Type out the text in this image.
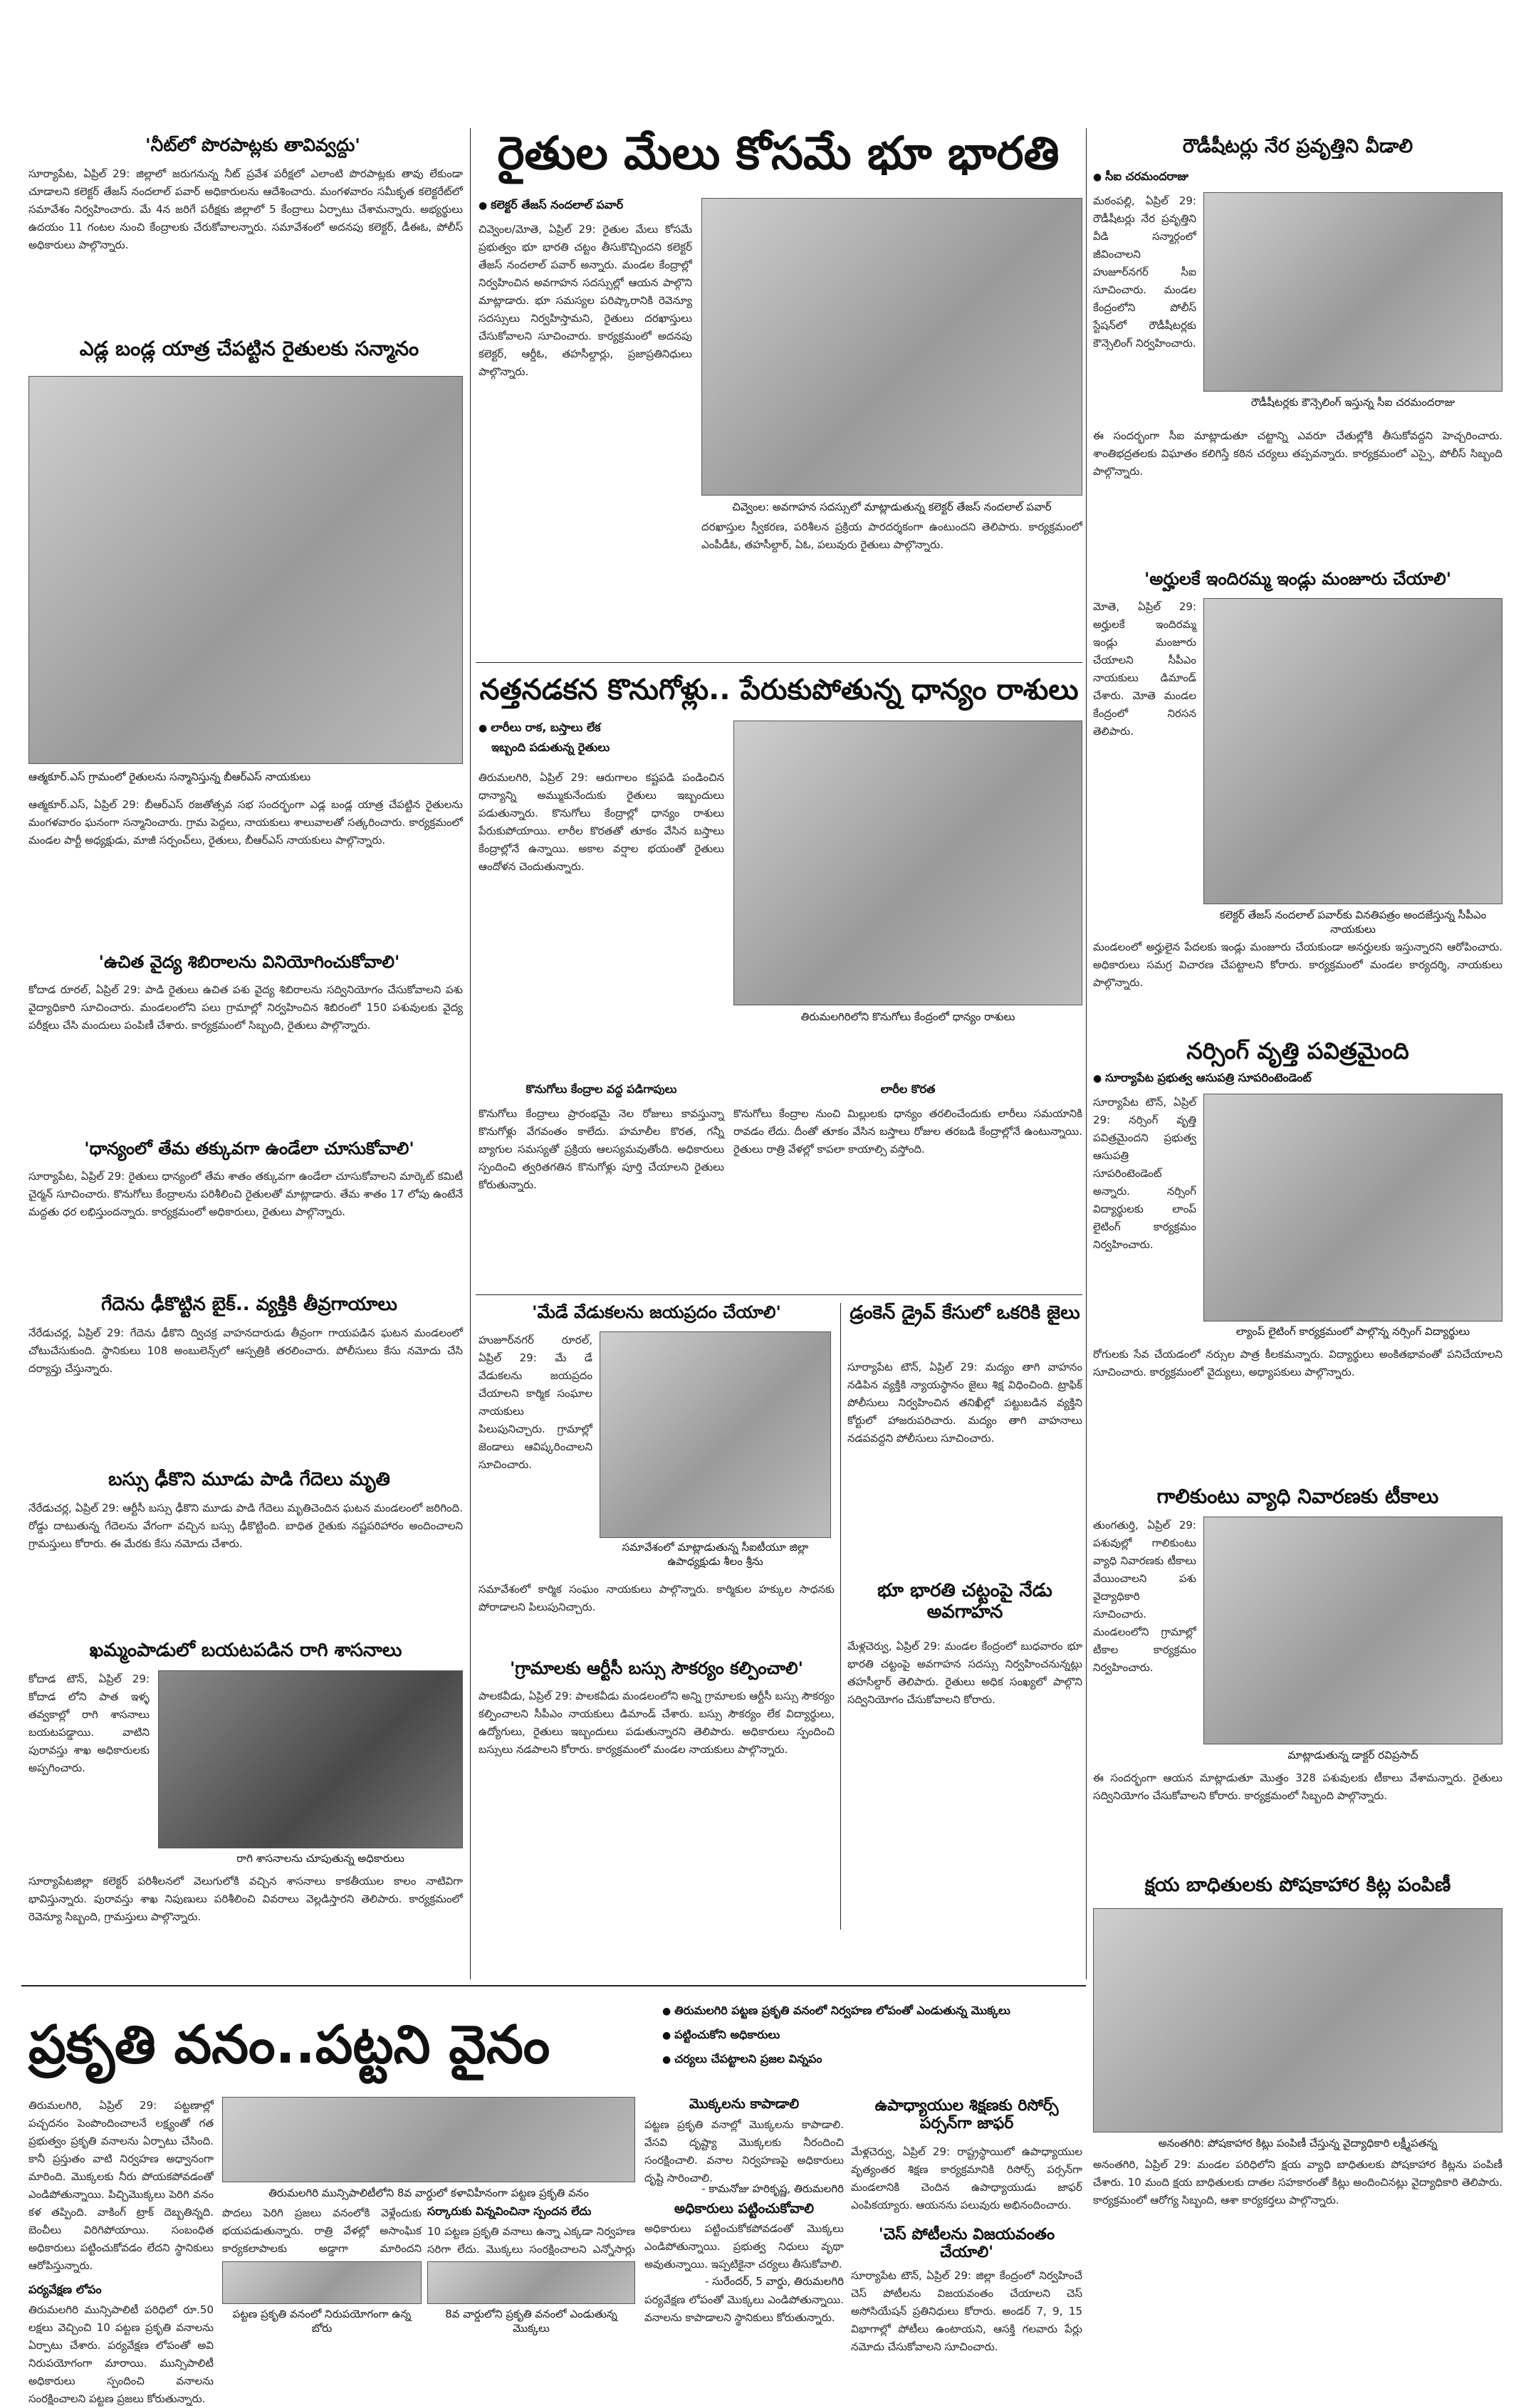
'నీట్‌లో పొరపాట్లకు తావివ్వద్దు'
సూర్యాపేట, ఏప్రిల్ 29: జిల్లాలో జరుగనున్న నీట్ ప్రవేశ పరీక్షలో ఎలాంటి పొరపాట్లకు తావు లేకుండా చూడాలని కలెక్టర్ తేజస్ నందలాల్ పవార్ అధికారులను ఆదేశించారు. మంగళవారం సమీకృత కలెక్టరేట్‌లో సమావేశం నిర్వహించారు. మే 4న జరిగే పరీక్షకు జిల్లాలో 5 కేంద్రాలు ఏర్పాటు చేశామన్నారు. అభ్యర్థులు ఉదయం 11 గంటల నుంచి కేంద్రాలకు చేరుకోవాలన్నారు. సమావేశంలో అదనపు కలెక్టర్, డీఈఓ, పోలీస్ అధికారులు పాల్గొన్నారు.
ఎడ్ల బండ్ల యాత్ర చేపట్టిన రైతులకు సన్మానం
ఆత్మకూర్.ఎస్ గ్రామంలో రైతులను సన్మానిస్తున్న బీఆర్ఎస్ నాయకులు
ఆత్మకూర్.ఎస్, ఏప్రిల్ 29: బీఆర్ఎస్ రజతోత్సవ సభ సందర్భంగా ఎడ్ల బండ్ల యాత్ర చేపట్టిన రైతులను మంగళవారం ఘనంగా సన్మానించారు. గ్రామ పెద్దలు, నాయకులు శాలువాలతో సత్కరించారు. కార్యక్రమంలో మండల పార్టీ అధ్యక్షుడు, మాజీ సర్పంచ్‌లు, రైతులు, బీఆర్ఎస్ నాయకులు పాల్గొన్నారు.
'ఉచిత వైద్య శిబిరాలను వినియోగించుకోవాలి'
కోదాడ రూరల్, ఏప్రిల్ 29: పాడి రైతులు ఉచిత పశు వైద్య శిబిరాలను సద్వినియోగం చేసుకోవాలని పశు వైద్యాధికారి సూచించారు. మండలంలోని పలు గ్రామాల్లో నిర్వహించిన శిబిరంలో 150 పశువులకు వైద్య పరీక్షలు చేసి మందులు పంపిణీ చేశారు. కార్యక్రమంలో సిబ్బంది, రైతులు పాల్గొన్నారు.
'ధాన్యంలో తేమ తక్కువగా ఉండేలా చూసుకోవాలి'
సూర్యాపేట, ఏప్రిల్ 29: రైతులు ధాన్యంలో తేమ శాతం తక్కువగా ఉండేలా చూసుకోవాలని మార్కెట్ కమిటీ చైర్మన్ సూచించారు. కొనుగోలు కేంద్రాలను పరిశీలించి రైతులతో మాట్లాడారు. తేమ శాతం 17 లోపు ఉంటేనే మద్దతు ధర లభిస్తుందన్నారు. కార్యక్రమంలో అధికారులు, రైతులు పాల్గొన్నారు.
గేదెను ఢీకొట్టిన బైక్.. వ్యక్తికి తీవ్రగాయాలు
నేరేడుచర్ల, ఏప్రిల్ 29: గేదెను ఢీకొని ద్విచక్ర వాహనదారుడు తీవ్రంగా గాయపడిన ఘటన మండలంలో చోటుచేసుకుంది. స్థానికులు 108 అంబులెన్స్‌లో ఆస్పత్రికి తరలించారు. పోలీసులు కేసు నమోదు చేసి దర్యాప్తు చేస్తున్నారు.
బస్సు ఢీకొని మూడు పాడి గేదెలు మృతి
నేరేడుచర్ల, ఏప్రిల్ 29: ఆర్టీసీ బస్సు ఢీకొని మూడు పాడి గేదెలు మృతిచెందిన ఘటన మండలంలో జరిగింది. రోడ్డు దాటుతున్న గేదెలను వేగంగా వచ్చిన బస్సు ఢీకొట్టింది. బాధిత రైతుకు నష్టపరిహారం అందించాలని గ్రామస్తులు కోరారు. ఈ మేరకు కేసు నమోదు చేశారు.
ఖమ్మంపాడులో బయటపడిన రాగి శాసనాలు
కోదాడ టౌన్, ఏప్రిల్ 29: కోదాడ లోని పాత ఇళ్ళ తవ్వకాల్లో రాగి శాసనాలు బయటపడ్డాయి. వాటిని పురావస్తు శాఖ అధికారులకు అప్పగించారు.
రాగి శాసనాలను చూపుతున్న అధికారులు
సూర్యాపేటజిల్లా కలెక్టర్ పరిశీలనలో వెలుగులోకి వచ్చిన శాసనాలు కాకతీయుల కాలం నాటివిగా భావిస్తున్నారు. పురావస్తు శాఖ నిపుణులు పరిశీలించి వివరాలు వెల్లడిస్తారని తెలిపారు. కార్యక్రమంలో రెవెన్యూ సిబ్బంది, గ్రామస్తులు పాల్గొన్నారు.
రైతుల మేలు కోసమే భూ భారతి
● కలెక్టర్ తేజస్ నందలాల్ పవార్
చివ్వెంల/మోతె, ఏప్రిల్ 29: రైతుల మేలు కోసమే ప్రభుత్వం భూ భారతి చట్టం తీసుకొచ్చిందని కలెక్టర్ తేజస్ నందలాల్ పవార్ అన్నారు. మండల కేంద్రాల్లో నిర్వహించిన అవగాహన సదస్సుల్లో ఆయన పాల్గొని మాట్లాడారు. భూ సమస్యల పరిష్కారానికి రెవెన్యూ సదస్సులు నిర్వహిస్తామని, రైతులు దరఖాస్తులు చేసుకోవాలని సూచించారు. కార్యక్రమంలో అదనపు కలెక్టర్, ఆర్డీఓ, తహసీల్దార్లు, ప్రజాప్రతినిధులు పాల్గొన్నారు.
చివ్వెంల: అవగాహన సదస్సులో మాట్లాడుతున్న కలెక్టర్ తేజస్ నందలాల్ పవార్
దరఖాస్తుల స్వీకరణ, పరిశీలన ప్రక్రియ పారదర్శకంగా ఉంటుందని తెలిపారు. కార్యక్రమంలో ఎంపీడీఓ, తహసీల్దార్, ఏఓ, పలువురు రైతులు పాల్గొన్నారు.
నత్తనడకన కొనుగోళ్లు.. పేరుకుపోతున్న ధాన్యం రాశులు
● లారీలు రాక, బస్తాలు లేక
ఇబ్బంది పడుతున్న రైతులు
తిరుమలగిరి, ఏప్రిల్ 29: ఆరుగాలం కష్టపడి పండించిన ధాన్యాన్ని అమ్ముకునేందుకు రైతులు ఇబ్బందులు పడుతున్నారు. కొనుగోలు కేంద్రాల్లో ధాన్యం రాశులు పేరుకుపోయాయి. లారీల కొరతతో తూకం వేసిన బస్తాలు కేంద్రాల్లోనే ఉన్నాయి. అకాల వర్షాల భయంతో రైతులు ఆందోళన చెందుతున్నారు.
తిరుమలగిరిలోని కొనుగోలు కేంద్రంలో ధాన్యం రాశులు
కొనుగోలు కేంద్రాల వద్ద పడిగాపులు
కొనుగోలు కేంద్రాలు ప్రారంభమై నెల రోజులు కావస్తున్నా కొనుగోళ్లు వేగవంతం కాలేదు. హమాలీల కొరత, గన్నీ బ్యాగుల సమస్యతో ప్రక్రియ ఆలస్యమవుతోంది. అధికారులు స్పందించి త్వరితగతిన కొనుగోళ్లు పూర్తి చేయాలని రైతులు కోరుతున్నారు.
లారీల కొరత
కొనుగోలు కేంద్రాల నుంచి మిల్లులకు ధాన్యం తరలించేందుకు లారీలు సమయానికి రావడం లేదు. దీంతో తూకం వేసిన బస్తాలు రోజుల తరబడి కేంద్రాల్లోనే ఉంటున్నాయి. రైతులు రాత్రి వేళల్లో కాపలా కాయాల్సి వస్తోంది.
'మేడే వేడుకలను జయప్రదం చేయాలి'
హుజూర్‌నగర్ రూరల్, ఏప్రిల్ 29: మే డే వేడుకలను జయప్రదం చేయాలని కార్మిక సంఘాల నాయకులు పిలుపునిచ్చారు. గ్రామాల్లో జెండాలు ఆవిష్కరించాలని సూచించారు.
సమావేశంలో మాట్లాడుతున్న సీఐటీయూ జిల్లా ఉపాధ్యక్షుడు శీలం శ్రీను
సమావేశంలో కార్మిక సంఘం నాయకులు పాల్గొన్నారు. కార్మికుల హక్కుల సాధనకు పోరాడాలని పిలుపునిచ్చారు.
'గ్రామాలకు ఆర్టీసీ బస్సు సౌకర్యం కల్పించాలి'
పాలకవీడు, ఏప్రిల్ 29: పాలకవీడు మండలంలోని అన్ని గ్రామాలకు ఆర్టీసీ బస్సు సౌకర్యం కల్పించాలని సీపీఎం నాయకులు డిమాండ్ చేశారు. బస్సు సౌకర్యం లేక విద్యార్థులు, ఉద్యోగులు, రైతులు ఇబ్బందులు పడుతున్నారని తెలిపారు. అధికారులు స్పందించి బస్సులు నడపాలని కోరారు. కార్యక్రమంలో మండల నాయకులు పాల్గొన్నారు.
డ్రంకెన్ డ్రైవ్ కేసులో ఒకరికి జైలు
సూర్యాపేట టౌన్, ఏప్రిల్ 29: మద్యం తాగి వాహనం నడిపిన వ్యక్తికి న్యాయస్థానం జైలు శిక్ష విధించింది. ట్రాఫిక్ పోలీసులు నిర్వహించిన తనిఖీల్లో పట్టుబడిన వ్యక్తిని కోర్టులో హాజరుపరిచారు. మద్యం తాగి వాహనాలు నడపవద్దని పోలీసులు సూచించారు.
భూ భారతి చట్టంపై నేడు అవగాహన
మేళ్లచెర్వు, ఏప్రిల్ 29: మండల కేంద్రంలో బుధవారం భూ భారతి చట్టంపై అవగాహన సదస్సు నిర్వహించనున్నట్లు తహసీల్దార్ తెలిపారు. రైతులు అధిక సంఖ్యలో పాల్గొని సద్వినియోగం చేసుకోవాలని కోరారు.
రౌడీషీటర్లు నేర ప్రవృత్తిని వీడాలి
● సీఐ చరమందరాజు
మఠంపల్లి, ఏప్రిల్ 29: రౌడీషీటర్లు నేర ప్రవృత్తిని వీడి సన్మార్గంలో జీవించాలని హుజూర్‌నగర్ సీఐ సూచించారు. మండల కేంద్రంలోని పోలీస్ స్టేషన్‌లో రౌడీషీటర్లకు కౌన్సెలింగ్ నిర్వహించారు.
రౌడీషీటర్లకు కౌన్సెలింగ్ ఇస్తున్న సీఐ చరమందరాజు
ఈ సందర్భంగా సీఐ మాట్లాడుతూ చట్టాన్ని ఎవరూ చేతుల్లోకి తీసుకోవద్దని హెచ్చరించారు. శాంతిభద్రతలకు విఘాతం కలిగిస్తే కఠిన చర్యలు తప్పవన్నారు. కార్యక్రమంలో ఎస్సై, పోలీస్ సిబ్బంది పాల్గొన్నారు.
'అర్హులకే ఇందిరమ్మ ఇండ్లు మంజూరు చేయాలి'
మోతె, ఏప్రిల్ 29: అర్హులకే ఇందిరమ్మ ఇండ్లు మంజూరు చేయాలని సీపీఎం నాయకులు డిమాండ్ చేశారు. మోతె మండల కేంద్రంలో నిరసన తెలిపారు.
కలెక్టర్ తేజస్ నందలాల్ పవార్‌కు వినతిపత్రం అందజేస్తున్న సీపీఎం నాయకులు
మండలంలో అర్హులైన పేదలకు ఇండ్లు మంజూరు చేయకుండా అనర్హులకు ఇస్తున్నారని ఆరోపించారు. అధికారులు సమగ్ర విచారణ చేపట్టాలని కోరారు. కార్యక్రమంలో మండల కార్యదర్శి, నాయకులు పాల్గొన్నారు.
నర్సింగ్ వృత్తి పవిత్రమైంది
● సూర్యాపేట ప్రభుత్వ ఆసుపత్రి సూపరింటెండెంట్
సూర్యాపేట టౌన్, ఏప్రిల్ 29: నర్సింగ్ వృత్తి పవిత్రమైందని ప్రభుత్వ ఆసుపత్రి సూపరింటెండెంట్ అన్నారు. నర్సింగ్ విద్యార్థులకు లాంప్ లైటింగ్ కార్యక్రమం నిర్వహించారు.
ల్యాంప్ లైటింగ్ కార్యక్రమంలో పాల్గొన్న నర్సింగ్ విద్యార్థులు
రోగులకు సేవ చేయడంలో నర్సుల పాత్ర కీలకమన్నారు. విద్యార్థులు అంకితభావంతో పనిచేయాలని సూచించారు. కార్యక్రమంలో వైద్యులు, అధ్యాపకులు పాల్గొన్నారు.
గాలికుంటు వ్యాధి నివారణకు టీకాలు
తుంగతుర్తి, ఏప్రిల్ 29: పశువుల్లో గాలికుంటు వ్యాధి నివారణకు టీకాలు వేయించాలని పశు వైద్యాధికారి సూచించారు. మండలంలోని గ్రామాల్లో టీకాల కార్యక్రమం నిర్వహించారు.
మాట్లాడుతున్న డాక్టర్ రవిప్రసాద్
ఈ సందర్భంగా ఆయన మాట్లాడుతూ మొత్తం 328 పశువులకు టీకాలు వేశామన్నారు. రైతులు సద్వినియోగం చేసుకోవాలని కోరారు. కార్యక్రమంలో సిబ్బంది పాల్గొన్నారు.
క్షయ బాధితులకు పోషకాహార కిట్ల పంపిణీ
అనంతగిరి: పోషకాహార కిట్లు పంపిణీ చేస్తున్న వైద్యాధికారి లక్ష్మీపతన్న
అనంతగిరి, ఏప్రిల్ 29: మండల పరిధిలోని క్షయ వ్యాధి బాధితులకు పోషకాహార కిట్లను పంపిణీ చేశారు. 10 మంది క్షయ బాధితులకు దాతల సహకారంతో కిట్లు అందించినట్లు వైద్యాధికారి తెలిపారు. కార్యక్రమంలో ఆరోగ్య సిబ్బంది, ఆశా కార్యకర్తలు పాల్గొన్నారు.
ప్రకృతి వనం..పట్టని వైనం
● తిరుమలగిరి పట్టణ ప్రకృతి వనంలో నిర్వహణ లోపంతో ఎండుతున్న మొక్కలు
● పట్టించుకోని అధికారులు
● చర్యలు చేపట్టాలని ప్రజల విన్నపం
తిరుమలగిరి, ఏప్రిల్ 29: పట్టణాల్లో పచ్చదనం పెంపొందించాలనే లక్ష్యంతో గత ప్రభుత్వం ప్రకృతి వనాలను ఏర్పాటు చేసింది. కానీ ప్రస్తుతం వాటి నిర్వహణ అధ్వానంగా మారింది. మొక్కలకు నీరు పోయకపోవడంతో ఎండిపోతున్నాయి. పిచ్చిమొక్కలు పెరిగి వనం కళ తప్పింది. వాకింగ్ ట్రాక్ దెబ్బతిన్నది. బెంచీలు విరిగిపోయాయి. సంబంధిత అధికారులు పట్టించుకోవడం లేదని స్థానికులు ఆరోపిస్తున్నారు.
తిరుమలగిరి మున్సిపాలిటీలోని 8వ వార్డులో కళావిహీనంగా పట్టణ ప్రకృతి వనం
పొదలు పెరిగి ప్రజలు వనంలోకి వెళ్లేందుకు భయపడుతున్నారు. రాత్రి వేళల్లో అసాంఘిక కార్యకలాపాలకు అడ్డాగా మారిందని
సర్కారుకు విన్నవించినా స్పందన లేదు
10 పట్టణ ప్రకృతి వనాలు ఉన్నా ఎక్కడా నిర్వహణ సరిగా లేదు. మొక్కలు సంరక్షించాలని ఎన్నోసార్లు
పర్యవేక్షణ లోపం
తిరుమలగిరి మున్సిపాలిటీ పరిధిలో రూ.50 లక్షలు వెచ్చించి 10 పట్టణ ప్రకృతి వనాలను ఏర్పాటు చేశారు. పర్యవేక్షణ లోపంతో అవి నిరుపయోగంగా మారాయి. మున్సిపాలిటీ అధికారులు స్పందించి వనాలను సంరక్షించాలని పట్టణ ప్రజలు కోరుతున్నారు.
పట్టణ ప్రకృతి వనంలో నిరుపయోగంగా ఉన్న బోరు
8వ వార్డులోని ప్రకృతి వనంలో ఎండుతున్న మొక్కలు
మొక్కలను కాపాడాలి
పట్టణ ప్రకృతి వనాల్లో మొక్కలను కాపాడాలి. వేసవి దృష్ట్యా మొక్కలకు నీరందించి సంరక్షించాలి. వనాల నిర్వహణపై అధికారులు దృష్టి సారించాలి.
- కామనోజు హరికృష్ణ, తిరుమలగిరి
అధికారులు పట్టించుకోవాలి
అధికారులు పట్టించుకోకపోవడంతో మొక్కలు ఎండిపోతున్నాయి. ప్రభుత్వ నిధులు వృథా అవుతున్నాయి. ఇప్పటికైనా చర్యలు తీసుకోవాలి.
- సురేందర్, 5 వార్డు, తిరుమలగిరి
పర్యవేక్షణ లోపంతో మొక్కలు ఎండిపోతున్నాయి. వనాలను కాపాడాలని స్థానికులు కోరుతున్నారు.
ఉపాధ్యాయుల శిక్షణకు రిసోర్స్ పర్సన్‌గా జాఫర్
మేళ్లచెర్వు, ఏప్రిల్ 29: రాష్ట్రస్థాయిలో ఉపాధ్యాయుల వృత్యంతర శిక్షణ కార్యక్రమానికి రిసోర్స్ పర్సన్‌గా మండలానికి చెందిన ఉపాధ్యాయుడు జాఫర్ ఎంపికయ్యారు. ఆయనను పలువురు అభినందించారు.
'చెస్ పోటీలను విజయవంతం చేయాలి'
సూర్యాపేట టౌన్, ఏప్రిల్ 29: జిల్లా కేంద్రంలో నిర్వహించే చెస్ పోటీలను విజయవంతం చేయాలని చెస్ అసోసియేషన్ ప్రతినిధులు కోరారు. అండర్ 7, 9, 15 విభాగాల్లో పోటీలు ఉంటాయని, ఆసక్తి గలవారు పేర్లు నమోదు చేసుకోవాలని సూచించారు.
